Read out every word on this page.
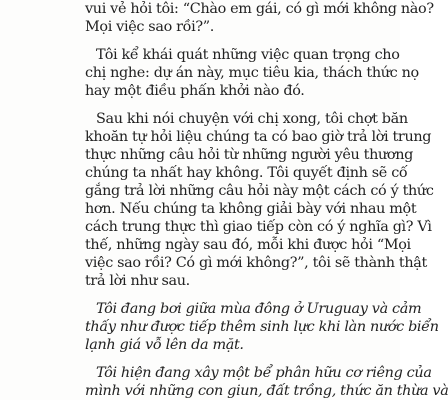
vui vẻ hỏi tôi: “Chào em gái, có gì mới không nào?
Mọi việc sao rồi?”.
Tôi kể khái quát những việc quan trọng cho
chị nghe: dự án này, mục tiêu kia, thách thức nọ
hay một điều phấn khởi nào đó.
Sau khi nói chuyện với chị xong, tôi chợt băn
khoăn tự hỏi liệu chúng ta có bao giờ trả lời trung
thực những câu hỏi từ những người yêu thương
chúng ta nhất hay không. Tôi quyết định sẽ cố
gắng trả lời những câu hỏi này một cách có ý thức
hơn. Nếu chúng ta không giải bày với nhau một
cách trung thực thì giao tiếp còn có ý nghĩa gì? Vì
thế, những ngày sau đó, mỗi khi được hỏi “Mọi
việc sao rồi? Có gì mới không?”, tôi sẽ thành thật
trả lời như sau.
Tôi đang bơi giữa mùa đông ở Uruguay và cảm
thấy như được tiếp thêm sinh lực khi làn nước biển
lạnh giá vỗ lên da mặt.
Tôi hiện đang xây một bể phân hữu cơ riêng của
mình với những con giun, đất trồng, thức ăn thừa và
